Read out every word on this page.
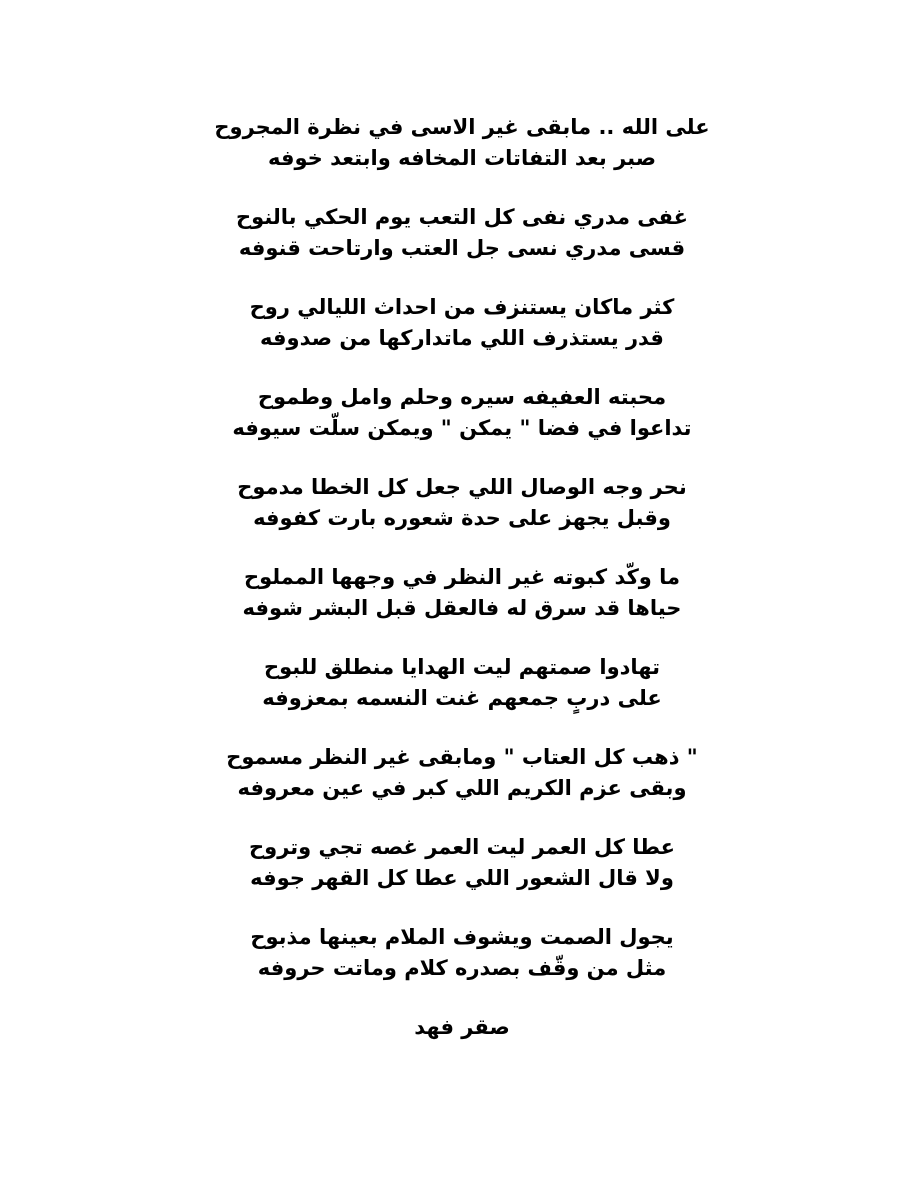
على الله .. مابقى غير الاسى في نظرة المجروح
صبر بعد التفاتات المخافه وابتعد خوفه
غفى مدري نفى كل التعب يوم الحكي بالنوح
قسى مدري نسى جل العتب وارتاحت قنوفه
كثر ماكان يستنزف من احداث الليالي روح
قدر يستذرف اللي ماتداركها من صدوفه
محبته العفيفه سيره وحلم وامل وطموح
تداعوا في فضا " يمكن " ويمكن سلّت سيوفه
نحر وجه الوصال اللي جعل كل الخطا مدموح
وقبل يجهز على حدة شعوره بارت كفوفه
ما وكّد كبوته غير النظر في وجهها المملوح
حياها قد سرق له فالعقل قبل البشر شوفه
تهادوا صمتهم ليت الهدايا منطلق للبوح
على دربٍ جمعهم غنت النسمه بمعزوفه
" ذهب كل العتاب " ومابقى غير النظر مسموح
وبقى عزم الكريم اللي كبر في عين معروفه
عطا كل العمر ليت العمر غصه تجي وتروح
ولا قال الشعور اللي عطا كل القهر جوفه
يجول الصمت ويشوف الملام بعينها مذبوح
مثل من وقّف بصدره كلام وماتت حروفه
صقر فهد
